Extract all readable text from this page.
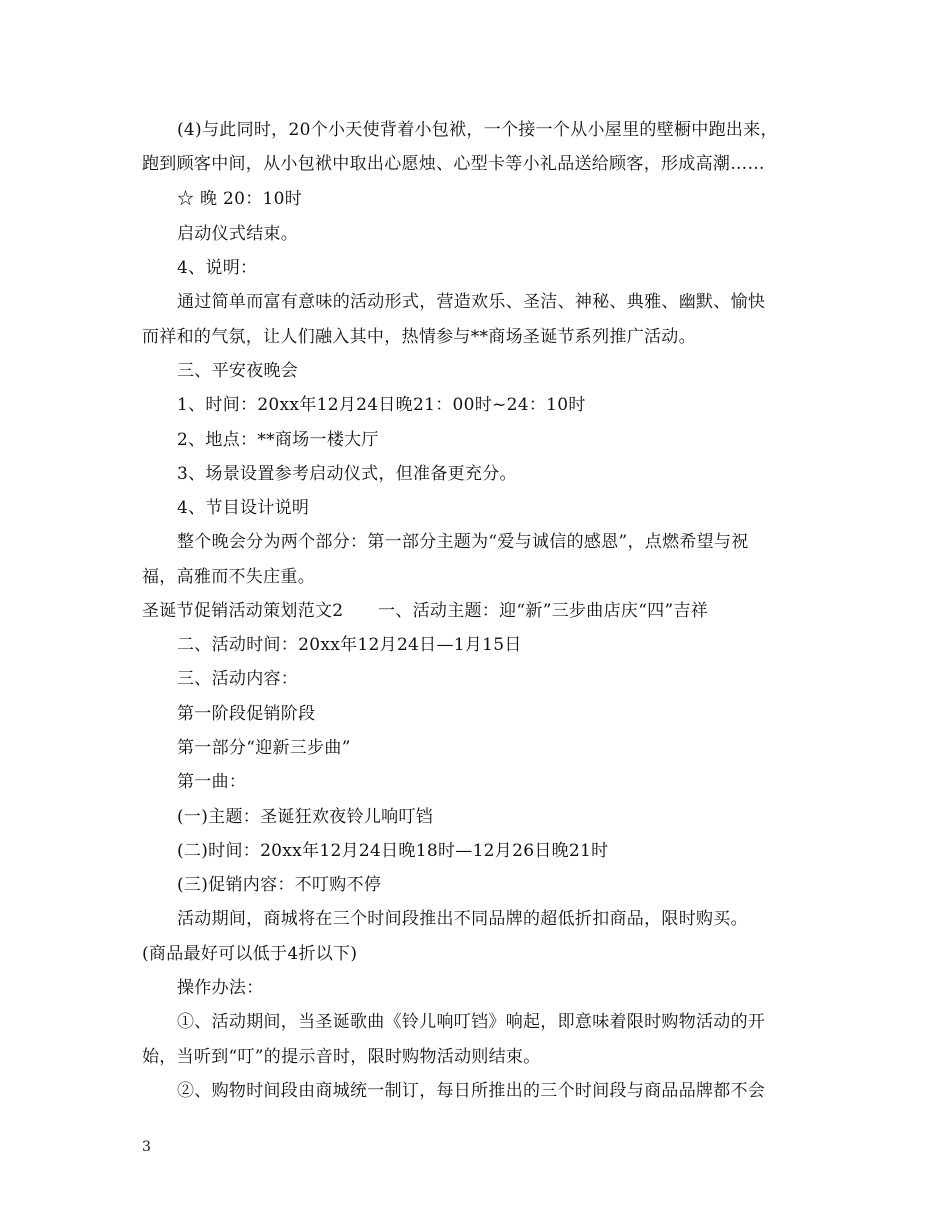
(4)与此同时，20个小天使背着小包袱，一个接一个从小屋里的壁橱中跑出来，
跑到顾客中间，从小包袱中取出心愿烛、心型卡等小礼品送给顾客，形成高潮……
☆ 晚 20：10时
启动仪式结束。
4、说明：
通过简单而富有意味的活动形式，营造欢乐、圣洁、神秘、典雅、幽默、愉快
而祥和的气氛，让人们融入其中，热情参与**商场圣诞节系列推广活动。
三、平安夜晚会
1、时间：20xx年12月24日晚21：00时~24：10时
2、地点：**商场一楼大厅
3、场景设置参考启动仪式，但准备更充分。
4、节目设计说明
整个晚会分为两个部分：第一部分主题为“爱与诚信的感恩”，点燃希望与祝
福，高雅而不失庄重。
圣诞节促销活动策划范文2　　一、活动主题：迎“新”三步曲店庆“四”吉祥
二、活动时间：20xx年12月24日—1月15日
三、活动内容：
第一阶段促销阶段
第一部分“迎新三步曲”
第一曲：
(一)主题：圣诞狂欢夜铃儿响叮铛
(二)时间：20xx年12月24日晚18时—12月26日晚21时
(三)促销内容：不叮购不停
活动期间，商城将在三个时间段推出不同品牌的超低折扣商品，限时购买。
(商品最好可以低于4折以下)
操作办法：
①、活动期间，当圣诞歌曲《铃儿响叮铛》响起，即意味着限时购物活动的开
始，当听到“叮”的提示音时，限时购物活动则结束。
②、购物时间段由商城统一制订，每日所推出的三个时间段与商品品牌都不会
3
